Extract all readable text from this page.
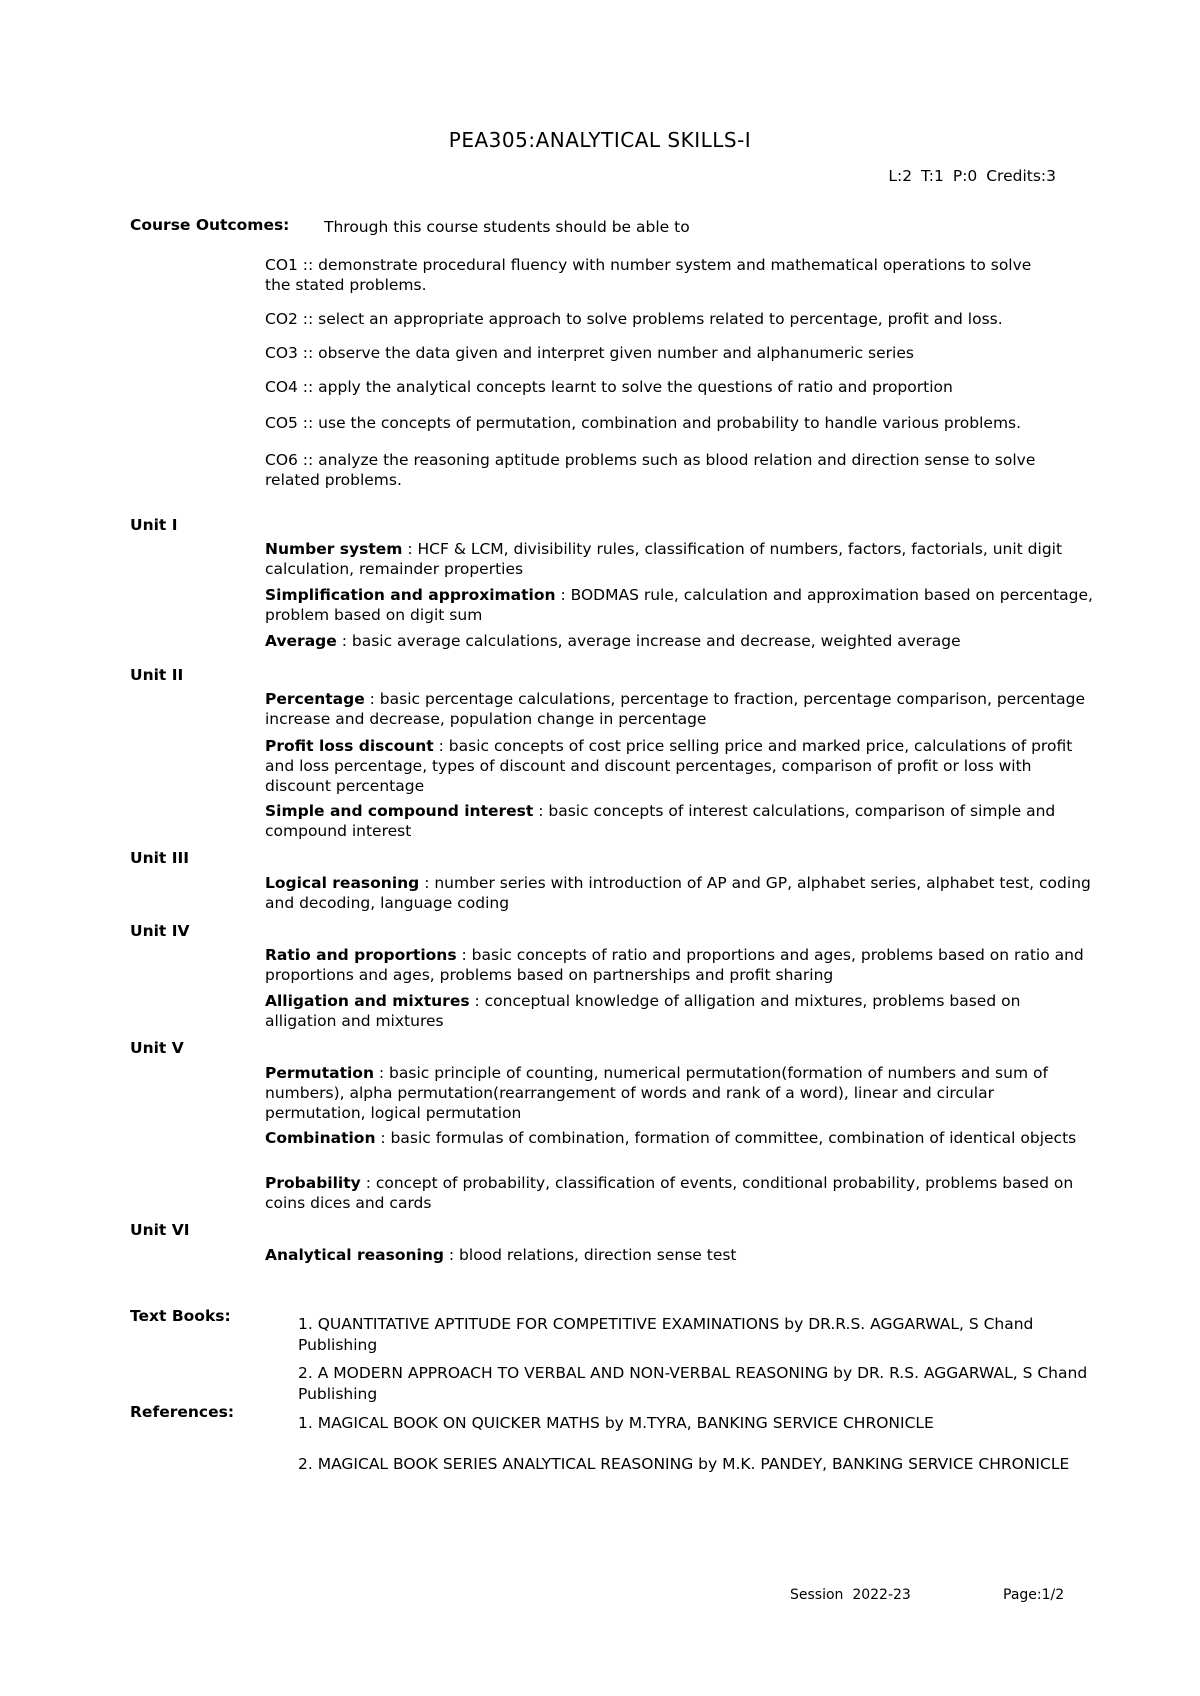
PEA305:ANALYTICAL SKILLS-I
L:2 T:1 P:0 Credits:3
Course Outcomes: Through this course students should be able to
CO1 :: demonstrate procedural fluency with number system and mathematical operations to solve the stated problems.
CO2 :: select an appropriate approach to solve problems related to percentage, profit and loss.
CO3 :: observe the data given and interpret given number and alphanumeric series
CO4 :: apply the analytical concepts learnt to solve the questions of ratio and proportion
CO5 :: use the concepts of permutation, combination and probability to handle various problems.
CO6 :: analyze the reasoning aptitude problems such as blood relation and direction sense to solve related problems.
Unit I
Number system : HCF & LCM, divisibility rules, classification of numbers, factors, factorials, unit digit calculation, remainder properties
Simplification and approximation : BODMAS rule, calculation and approximation based on percentage, problem based on digit sum
Average : basic average calculations, average increase and decrease, weighted average
Unit II
Percentage : basic percentage calculations, percentage to fraction, percentage comparison, percentage increase and decrease, population change in percentage
Profit loss discount : basic concepts of cost price selling price and marked price, calculations of profit and loss percentage, types of discount and discount percentages, comparison of profit or loss with discount percentage
Simple and compound interest : basic concepts of interest calculations, comparison of simple and compound interest
Unit III
Logical reasoning : number series with introduction of AP and GP, alphabet series, alphabet test, coding and decoding, language coding
Unit IV
Ratio and proportions : basic concepts of ratio and proportions and ages, problems based on ratio and proportions and ages, problems based on partnerships and profit sharing
Alligation and mixtures : conceptual knowledge of alligation and mixtures, problems based on alligation and mixtures
Unit V
Permutation : basic principle of counting, numerical permutation(formation of numbers and sum of numbers), alpha permutation(rearrangement of words and rank of a word), linear and circular permutation, logical permutation
Combination : basic formulas of combination, formation of committee, combination of identical objects
Probability : concept of probability, classification of events, conditional probability, problems based on coins dices and cards
Unit VI
Analytical reasoning : blood relations, direction sense test
Text Books:	1. QUANTITATIVE APTITUDE FOR COMPETITIVE EXAMINATIONS by DR.R.S. AGGARWAL, S Chand Publishing
2. A MODERN APPROACH TO VERBAL AND NON-VERBAL REASONING by DR. R.S. AGGARWAL, S Chand Publishing
References:
1. MAGICAL BOOK ON QUICKER MATHS by M.TYRA, BANKING SERVICE CHRONICLE
2. MAGICAL BOOK SERIES ANALYTICAL REASONING by M.K. PANDEY, BANKING SERVICE CHRONICLE
Session  2022-23	Page:1/2
